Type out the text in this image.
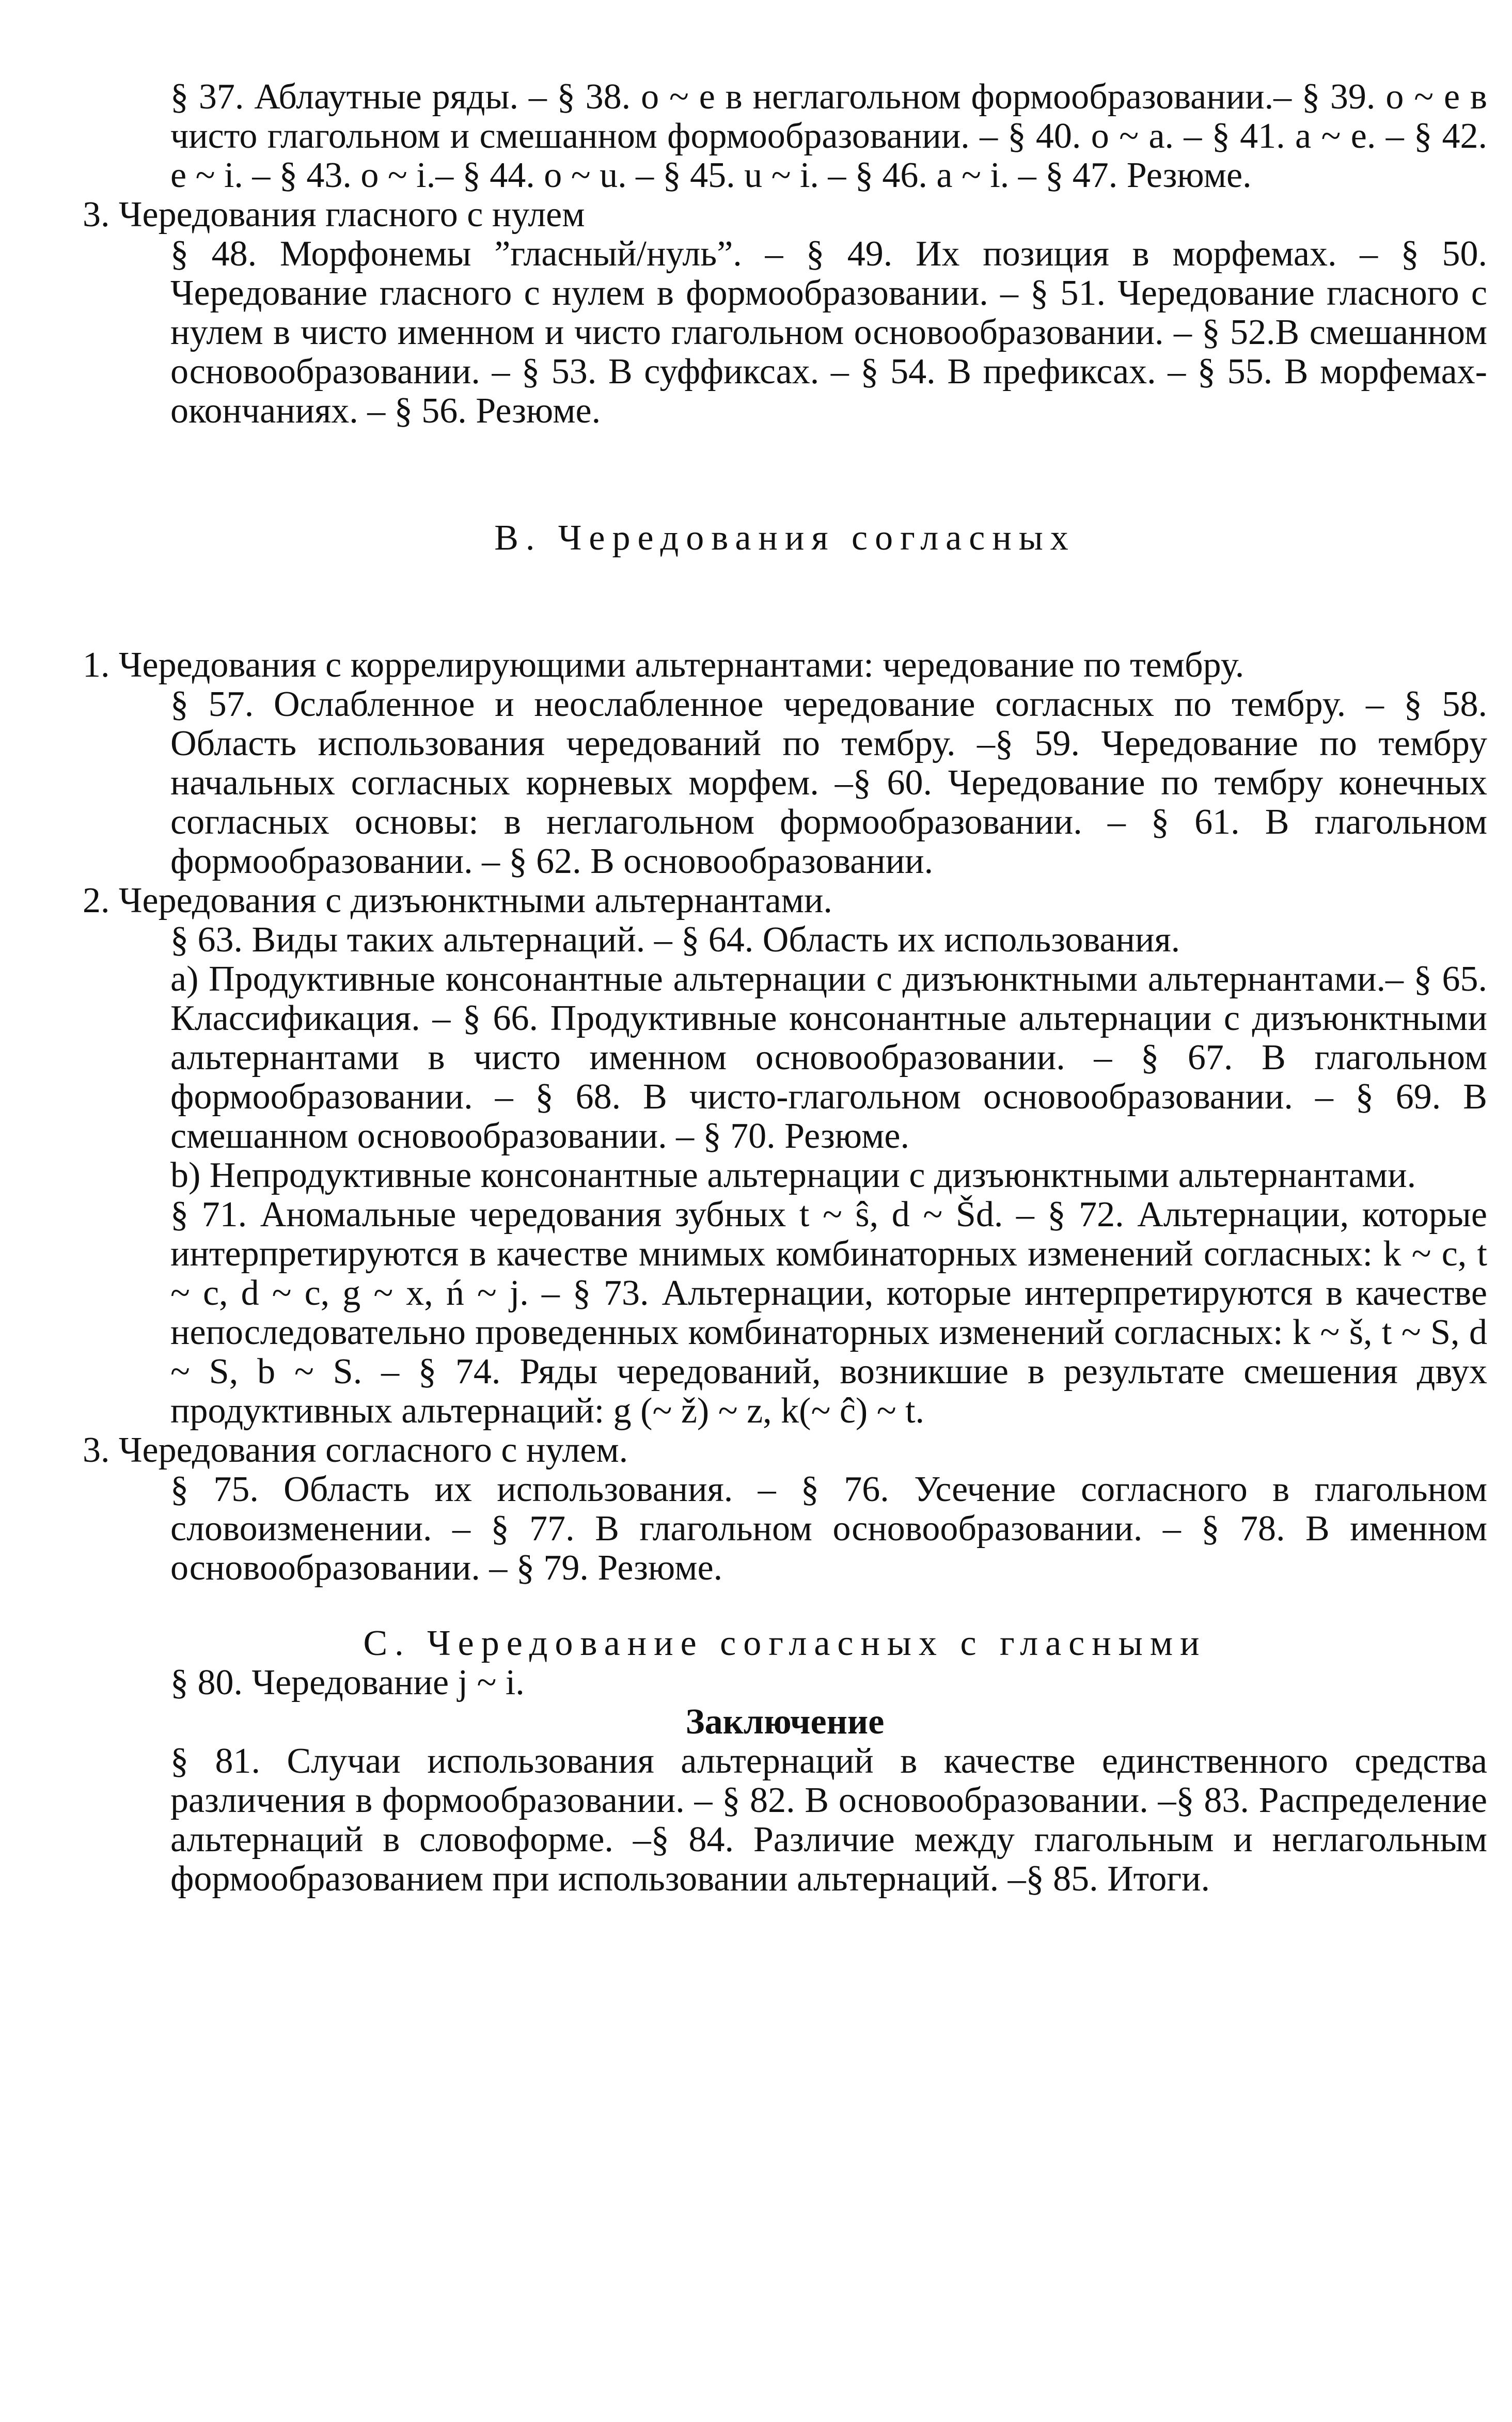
§ 37. Аблаутные ряды. – § 38. o ~ e в неглагольном формообразовании.– § 39. o ~ e в чисто глагольном и смешанном формообразовании. – § 40. o ~ a. – § 41. a ~ e. – § 42. e ~ i. – § 43. o ~ i.– § 44. o ~ u. – § 45. u ~ i. – § 46. a ~ i. – § 47. Резюме.

3. Чередования гласного с нулем

§ 48. Морфонемы ”гласный/нуль”. – § 49. Их позиция в морфемах. – § 50. Чередование гласного с нулем в формообразовании. – § 51. Чередование гласного с нулем в чисто именном и чисто глагольном основообразовании. – § 52.В смешанном основообразовании. – § 53. В суффиксах. – § 54. В префиксах. – § 55. В морфемах-окончаниях. – § 56. Резюме.

В. Чередования согласных

1. Чередования с коррелирующими альтернантами: чередование по тембру.

§ 57. Ослабленное и неослабленное чередование согласных по тембру. – § 58. Область использования чередований по тембру. –§ 59. Чередование по тембру начальных согласных корневых морфем. –§ 60. Чередование по тембру конечных согласных основы: в неглагольном формообразовании. – § 61. В глагольном формообразовании. – § 62. В основообразовании.

2. Чередования с дизъюнктными альтернантами.

§ 63. Виды таких альтернаций. – § 64. Область их использования.

a) Продуктивные консонантные альтернации с дизъюнктными альтернантами.– § 65. Классификация. – § 66. Продуктивные консонантные альтернации с дизъюнктными альтернантами в чисто именном основообразовании. – § 67. В глагольном формообразовании. – § 68. В чисто-глагольном основообразовании. – § 69. В смешанном основообразовании. – § 70. Резюме.

b) Непродуктивные консонантные альтернации с дизъюнктными альтернантами.

§ 71. Аномальные чередования зубных t ~ ŝ, d ~ Šd. – § 72. Альтернации, которые интерпретируются в качестве мнимых комбинаторных изменений согласных: k ~ c, t ~ c, d ~ c, g ~ x, ń ~ j. – § 73. Альтернации, которые интерпретируются в качестве непоследовательно проведенных комбинаторных изменений согласных: k ~ š, t ~ S, d ~ S, b ~ S. – § 74. Ряды чередований, возникшие в результате смешения двух продуктивных альтернаций: g (~ ž) ~ z, k(~ ĉ) ~ t.

3. Чередования согласного с нулем.

§ 75. Область их использования. – § 76. Усечение согласного в глагольном словоизменении. – § 77. В глагольном основообразовании. – § 78. В именном основообразовании. – § 79. Резюме.

C. Чередование согласных с гласными

§ 80. Чередование j ~ i.

Заключение

§ 81. Случаи использования альтернаций в качестве единственного средства различения в формообразовании. – § 82. В основообразовании. –§ 83. Распределение альтернаций в словоформе. –§ 84. Различие между глагольным и неглагольным формообразованием при использовании альтернаций. –§ 85. Итоги.
